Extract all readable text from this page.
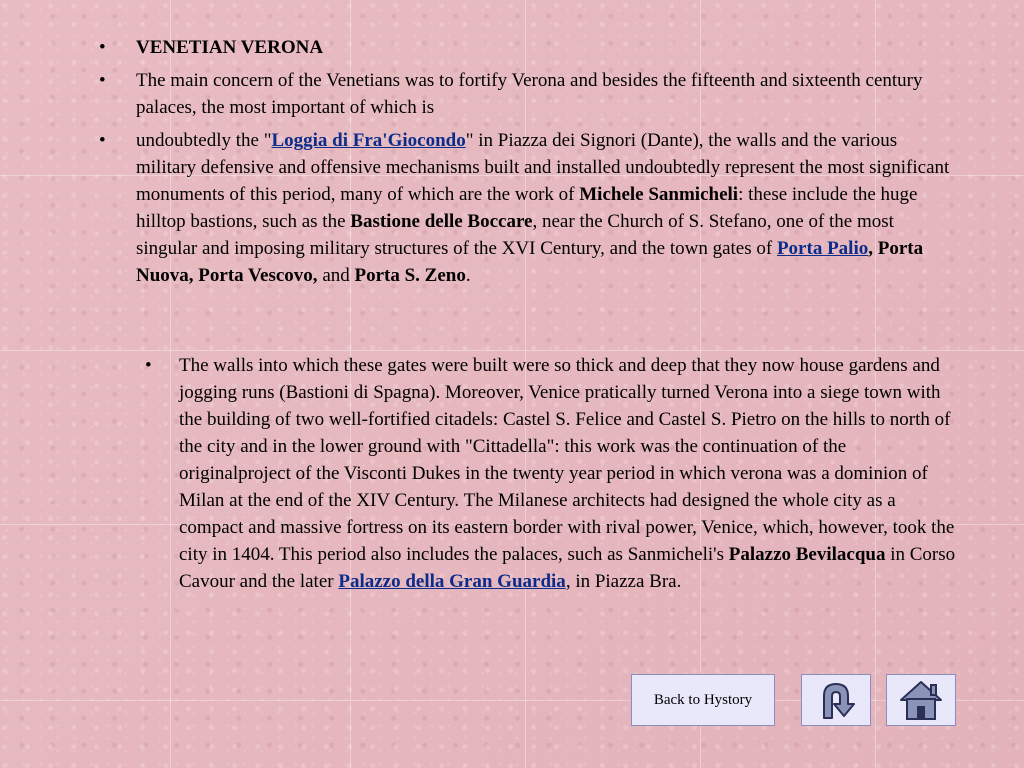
• VENETIAN VERONA
• The main concern of the Venetians was to fortify Verona and besides the fifteenth and sixteenth century palaces, the most important of which is
• undoubtedly the "Loggia di Fra'Giocondo" in Piazza dei Signori (Dante), the walls and the various military defensive and offensive mechanisms built and installed undoubtedly represent the most significant monuments of this period, many of which are the work of Michele Sanmicheli: these include the huge hilltop bastions, such as the Bastione delle Boccare, near the Church of S. Stefano, one of the most singular and imposing military structures of the XVI Century, and the town gates of Porta Palio, Porta Nuova, Porta Vescovo, and Porta S. Zeno.
• The walls into which these gates were built were so thick and deep that they now house gardens and jogging runs (Bastioni di Spagna). Moreover, Venice pratically turned Verona into a siege town with the building of two well-fortified citadels: Castel S. Felice and Castel S. Pietro on the hills to north of the city and in the lower ground with "Cittadella": this work was the continuation of the originalproject of the Visconti Dukes in the twenty year period in which verona was a dominion of Milan at the end of the XIV Century. The Milanese architects had designed the whole city as a compact and massive fortress on its eastern border with rival power, Venice, which, however, took the city in 1404. This period also includes the palaces, such as Sanmicheli's Palazzo Bevilacqua in Corso Cavour and the later Palazzo della Gran Guardia, in Piazza Bra.
Back to Hystory
